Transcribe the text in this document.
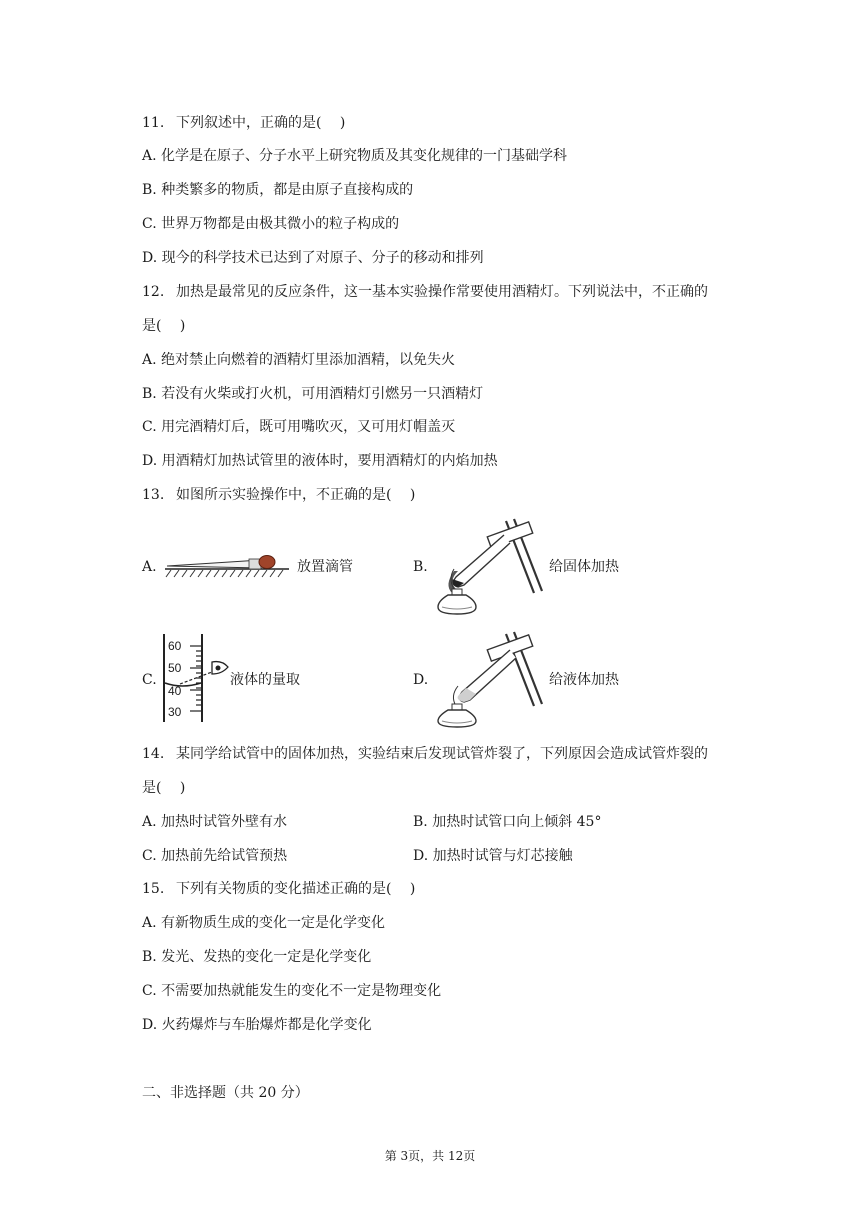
11. 下列叙述中，正确的是(　 )
A. 化学是在原子、分子水平上研究物质及其变化规律的一门基础学科
B. 种类繁多的物质，都是由原子直接构成的
C. 世界万物都是由极其微小的粒子构成的
D. 现今的科学技术已达到了对原子、分子的移动和排列
12. 加热是最常见的反应条件，这一基本实验操作常要使用酒精灯。下列说法中，不正确的
是(　 )
A. 绝对禁止向燃着的酒精灯里添加酒精，以免失火
B. 若没有火柴或打火机，可用酒精灯引燃另一只酒精灯
C. 用完酒精灯后，既可用嘴吹灭，又可用灯帽盖灭
D. 用酒精灯加热试管里的液体时，要用酒精灯的内焰加热
13. 如图所示实验操作中，不正确的是(　 )
A.	放置滴管	B.	给固体加热
C.
60
50
40
30
液体的量取	D.	给液体加热
14. 某同学给试管中的固体加热，实验结束后发现试管炸裂了，下列原因会造成试管炸裂的
是(　 )
A. 加热时试管外壁有水	B. 加热时试管口向上倾斜 45°
C. 加热前先给试管预热	D. 加热时试管与灯芯接触
15. 下列有关物质的变化描述正确的是(　 )
A. 有新物质生成的变化一定是化学变化
B. 发光、发热的变化一定是化学变化
C. 不需要加热就能发生的变化不一定是物理变化
D. 火药爆炸与车胎爆炸都是化学变化
二、非选择题（共 20 分）
第 3页，共 12页
